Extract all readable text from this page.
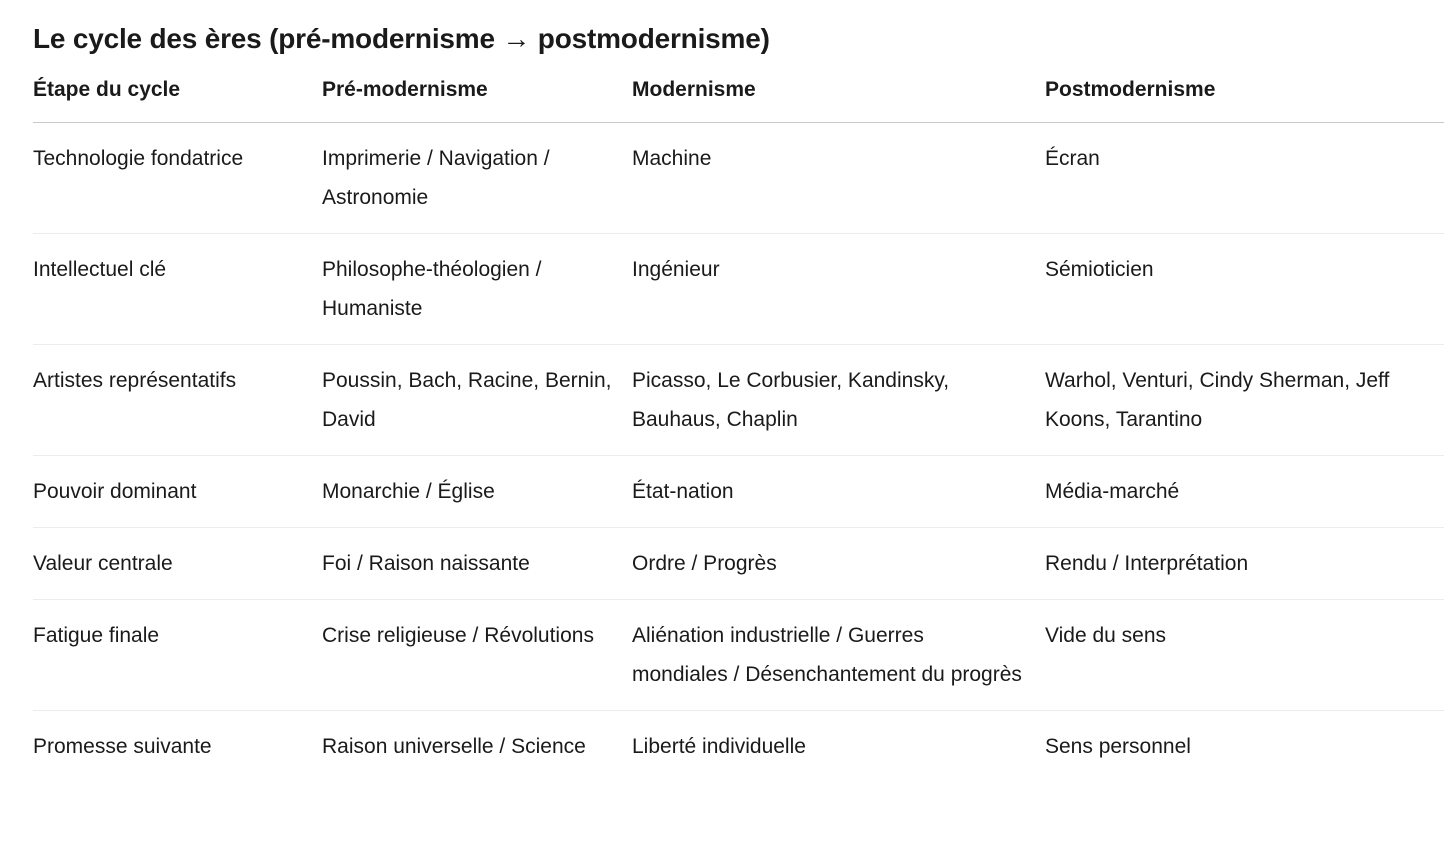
Le cycle des ères (pré-modernisme → postmodernisme)
Étape du cycle	Pré-modernisme	Modernisme	Postmodernisme
Technologie fondatrice	Imprimerie / Navigation / Astronomie	Machine	Écran
Intellectuel clé	Philosophe-théologien / Humaniste	Ingénieur	Sémioticien
Artistes représentatifs	Poussin, Bach, Racine, Bernin, David	Picasso, Le Corbusier, Kandinsky, Bauhaus, Chaplin	Warhol, Venturi, Cindy Sherman, Jeff Koons, Tarantino
Pouvoir dominant	Monarchie / Église	État-nation	Média-marché
Valeur centrale	Foi / Raison naissante	Ordre / Progrès	Rendu / Interprétation
Fatigue finale	Crise religieuse / Révolutions	Aliénation industrielle / Guerres mondiales / Désenchantement du progrès	Vide du sens
Promesse suivante	Raison universelle / Science	Liberté individuelle	Sens personnel
